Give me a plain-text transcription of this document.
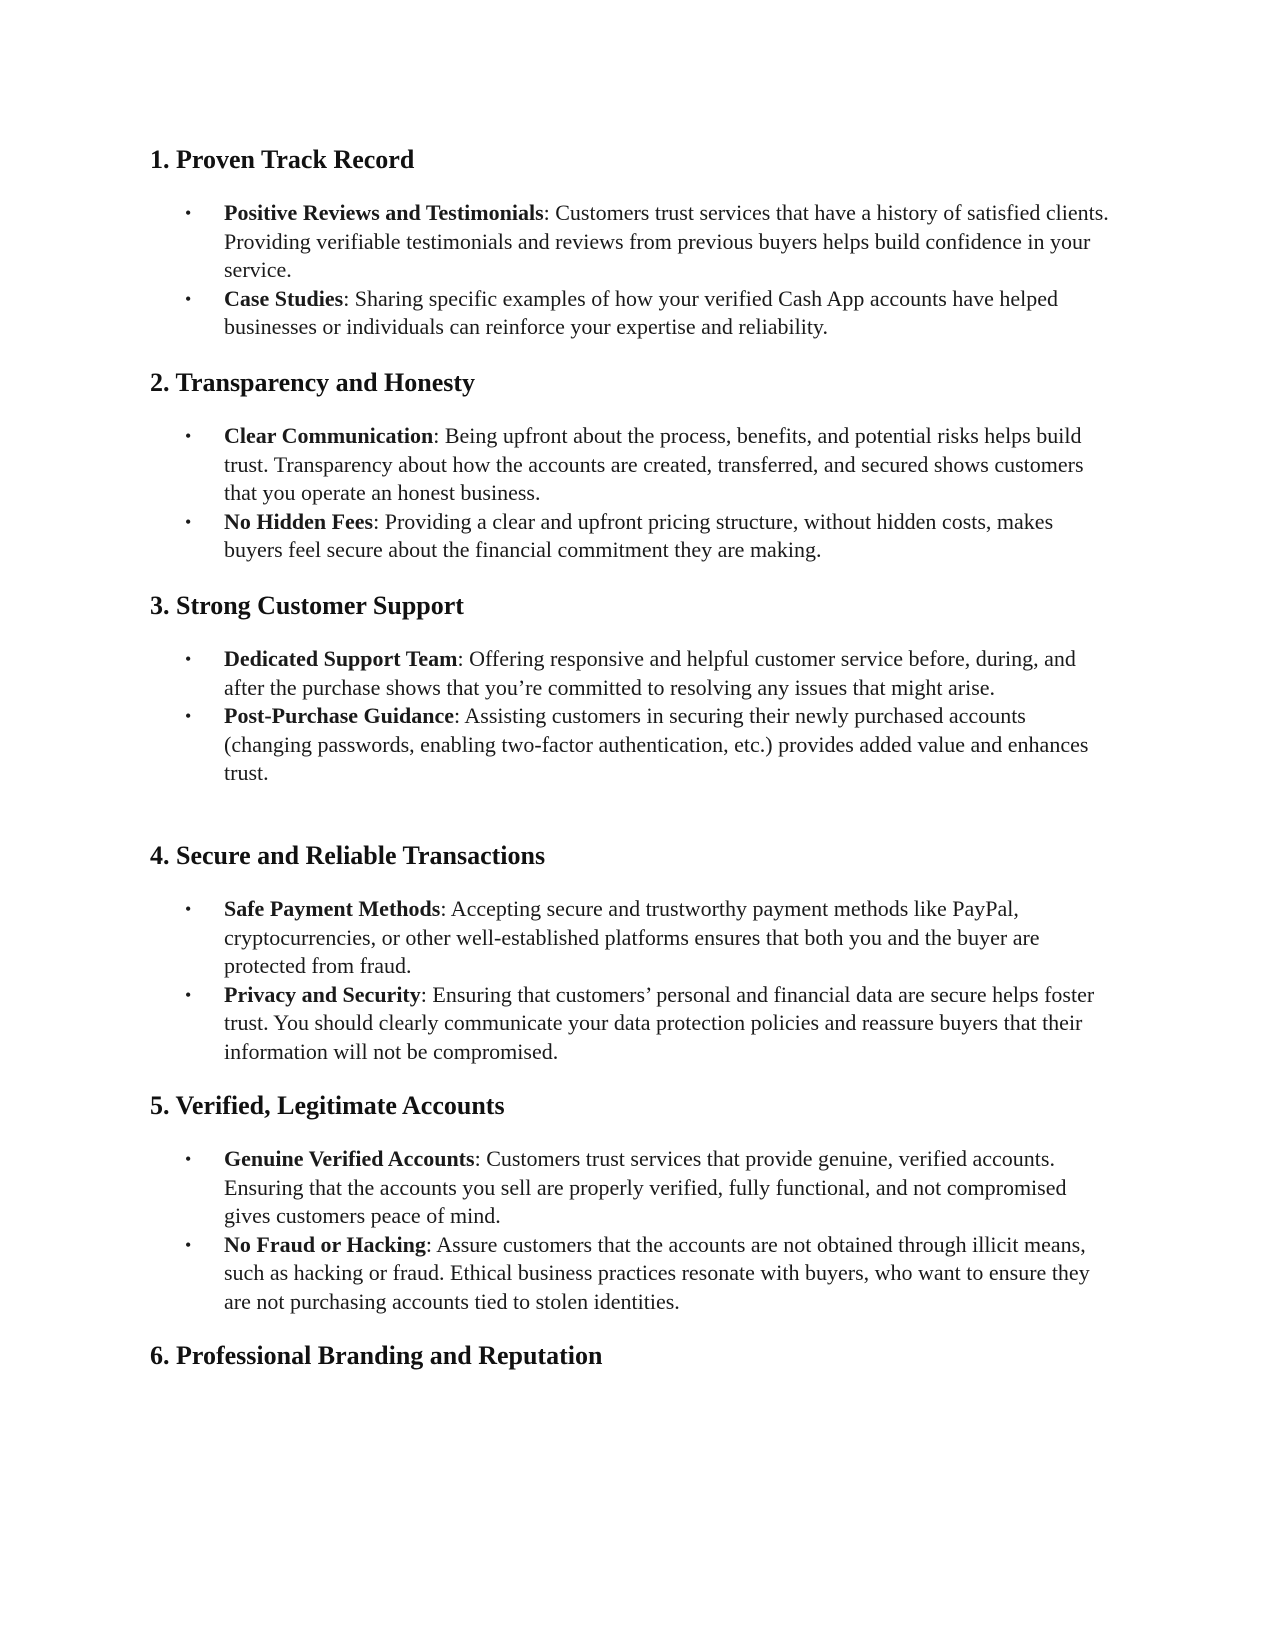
1. Proven Track Record
• Positive Reviews and Testimonials: Customers trust services that have a history of satisfied clients. Providing verifiable testimonials and reviews from previous buyers helps build confidence in your service.
• Case Studies: Sharing specific examples of how your verified Cash App accounts have helped businesses or individuals can reinforce your expertise and reliability.
2. Transparency and Honesty
• Clear Communication: Being upfront about the process, benefits, and potential risks helps build trust. Transparency about how the accounts are created, transferred, and secured shows customers that you operate an honest business.
• No Hidden Fees: Providing a clear and upfront pricing structure, without hidden costs, makes buyers feel secure about the financial commitment they are making.
3. Strong Customer Support
• Dedicated Support Team: Offering responsive and helpful customer service before, during, and after the purchase shows that you’re committed to resolving any issues that might arise.
• Post-Purchase Guidance: Assisting customers in securing their newly purchased accounts (changing passwords, enabling two-factor authentication, etc.) provides added value and enhances trust.
4. Secure and Reliable Transactions
• Safe Payment Methods: Accepting secure and trustworthy payment methods like PayPal, cryptocurrencies, or other well-established platforms ensures that both you and the buyer are protected from fraud.
• Privacy and Security: Ensuring that customers’ personal and financial data are secure helps foster trust. You should clearly communicate your data protection policies and reassure buyers that their information will not be compromised.
5. Verified, Legitimate Accounts
• Genuine Verified Accounts: Customers trust services that provide genuine, verified accounts. Ensuring that the accounts you sell are properly verified, fully functional, and not compromised gives customers peace of mind.
• No Fraud or Hacking: Assure customers that the accounts are not obtained through illicit means, such as hacking or fraud. Ethical business practices resonate with buyers, who want to ensure they are not purchasing accounts tied to stolen identities.
6. Professional Branding and Reputation
